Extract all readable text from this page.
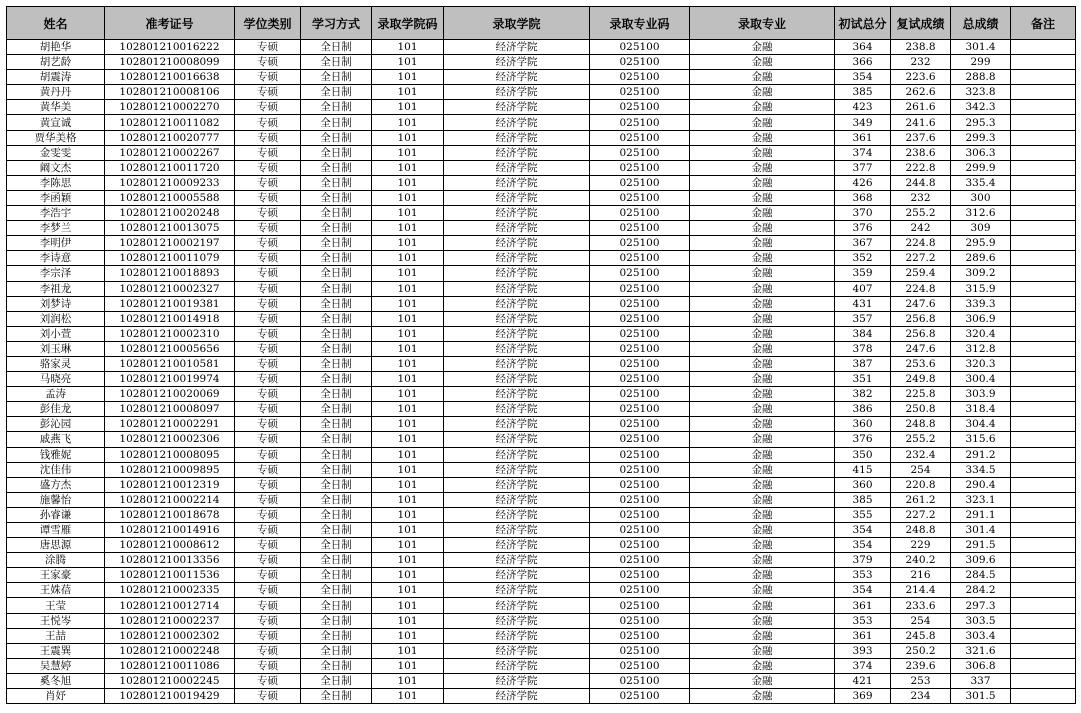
姓名	准考证号	学位类别	学习方式	录取学院码	录取学院	录取专业码	录取专业	初试总分	复试成绩	总成绩	备注
胡艳华	102801210016222	专硕	全日制	101	经济学院	025100	金融	364	238.8	301.4	
胡艺龄	102801210008099	专硕	全日制	101	经济学院	025100	金融	366	232	299	
胡震涛	102801210016638	专硕	全日制	101	经济学院	025100	金融	354	223.6	288.8	
黄丹丹	102801210008106	专硕	全日制	101	经济学院	025100	金融	385	262.6	323.8	
黄华美	102801210002270	专硕	全日制	101	经济学院	025100	金融	423	261.6	342.3	
黄宣诚	102801210011082	专硕	全日制	101	经济学院	025100	金融	349	241.6	295.3	
贾华美格	102801210020777	专硕	全日制	101	经济学院	025100	金融	361	237.6	299.3	
金雯雯	102801210002267	专硕	全日制	101	经济学院	025100	金融	374	238.6	306.3	
阚文杰	102801210011720	专硕	全日制	101	经济学院	025100	金融	377	222.8	299.9	
李陈思	102801210009233	专硕	全日制	101	经济学院	025100	金融	426	244.8	335.4	
李函颖	102801210005588	专硕	全日制	101	经济学院	025100	金融	368	232	300	
李浩宇	102801210020248	专硕	全日制	101	经济学院	025100	金融	370	255.2	312.6	
李梦兰	102801210013075	专硕	全日制	101	经济学院	025100	金融	376	242	309	
李明伊	102801210002197	专硕	全日制	101	经济学院	025100	金融	367	224.8	295.9	
李诗意	102801210011079	专硕	全日制	101	经济学院	025100	金融	352	227.2	289.6	
李宗泽	102801210018893	专硕	全日制	101	经济学院	025100	金融	359	259.4	309.2	
李祖龙	102801210002327	专硕	全日制	101	经济学院	025100	金融	407	224.8	315.9	
刘梦诗	102801210019381	专硕	全日制	101	经济学院	025100	金融	431	247.6	339.3	
刘润松	102801210014918	专硕	全日制	101	经济学院	025100	金融	357	256.8	306.9	
刘小萱	102801210002310	专硕	全日制	101	经济学院	025100	金融	384	256.8	320.4	
刘玉琳	102801210005656	专硕	全日制	101	经济学院	025100	金融	378	247.6	312.8	
骆家灵	102801210010581	专硕	全日制	101	经济学院	025100	金融	387	253.6	320.3	
马晓亮	102801210019974	专硕	全日制	101	经济学院	025100	金融	351	249.8	300.4	
孟涛	102801210020069	专硕	全日制	101	经济学院	025100	金融	382	225.8	303.9	
彭佳龙	102801210008097	专硕	全日制	101	经济学院	025100	金融	386	250.8	318.4	
彭沁园	102801210002291	专硕	全日制	101	经济学院	025100	金融	360	248.8	304.4	
戚燕飞	102801210002306	专硕	全日制	101	经济学院	025100	金融	376	255.2	315.6	
钱雅妮	102801210008095	专硕	全日制	101	经济学院	025100	金融	350	232.4	291.2	
沈佳伟	102801210009895	专硕	全日制	101	经济学院	025100	金融	415	254	334.5	
盛方杰	102801210012319	专硕	全日制	101	经济学院	025100	金融	360	220.8	290.4	
施馨怡	102801210002214	专硕	全日制	101	经济学院	025100	金融	385	261.2	323.1	
孙睿谦	102801210018678	专硕	全日制	101	经济学院	025100	金融	355	227.2	291.1	
谭雪雁	102801210014916	专硕	全日制	101	经济学院	025100	金融	354	248.8	301.4	
唐思源	102801210008612	专硕	全日制	101	经济学院	025100	金融	354	229	291.5	
涂腾	102801210013356	专硕	全日制	101	经济学院	025100	金融	379	240.2	309.6	
王家豪	102801210011536	专硕	全日制	101	经济学院	025100	金融	353	216	284.5	
王姝蓓	102801210002335	专硕	全日制	101	经济学院	025100	金融	354	214.4	284.2	
王莹	102801210012714	专硕	全日制	101	经济学院	025100	金融	361	233.6	297.3	
王悦岑	102801210002237	专硕	全日制	101	经济学院	025100	金融	353	254	303.5	
王喆	102801210002302	专硕	全日制	101	经济学院	025100	金融	361	245.8	303.4	
王震巽	102801210002248	专硕	全日制	101	经济学院	025100	金融	393	250.2	321.6	
吴慧婷	102801210011086	专硕	全日制	101	经济学院	025100	金融	374	239.6	306.8	
奚冬旭	102801210002245	专硕	全日制	101	经济学院	025100	金融	421	253	337	
肖妤	102801210019429	专硕	全日制	101	经济学院	025100	金融	369	234	301.5	
